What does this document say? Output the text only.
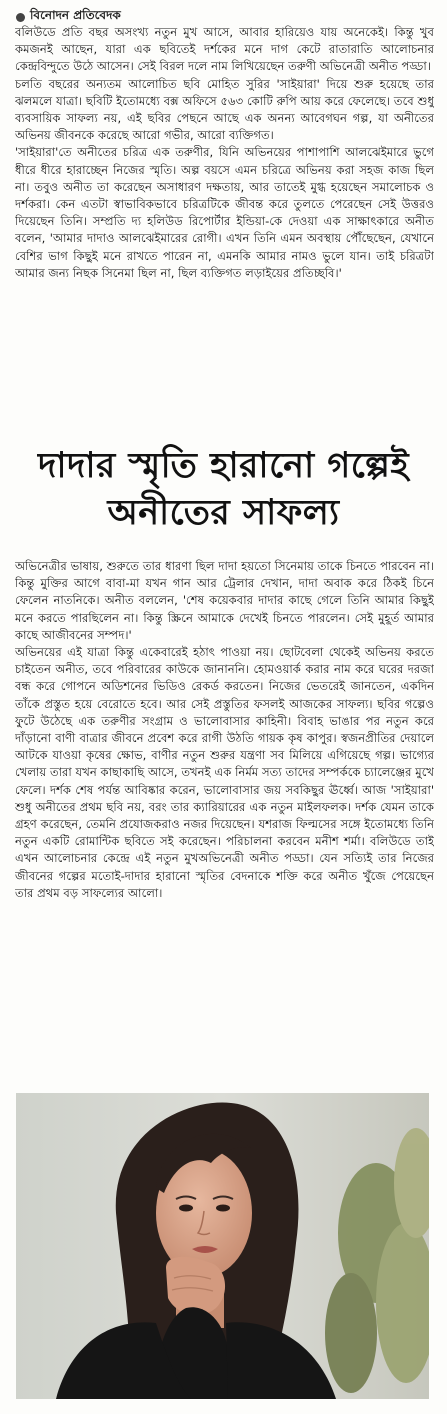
বিনোদন প্রতিবেদক

বলিউডে প্রতি বছর অসংখ্য নতুন মুখ আসে, আবার হারিয়েও যায় অনেকেই। কিন্তু খুব কমজনই আছেন, যারা এক ছবিতেই দর্শকের মনে দাগ কেটে রাতারাতি আলোচনার কেন্দ্রবিন্দুতে উঠে আসেন। সেই বিরল দলে নাম লিখিয়েছেন তরুণী অভিনেত্রী অনীত পড্ডা।

চলতি বছরের অন্যতম আলোচিত ছবি মোহিত সুরির 'সাইয়ারা' দিয়ে শুরু হয়েছে তার ঝলমলে যাত্রা। ছবিটি ইতোমধ্যে বক্স অফিসে ৫৬৩ কোটি রুপি আয় করে ফেলেছে। তবে শুধু ব্যবসায়িক সাফল্য নয়, এই ছবির পেছনে আছে এক অনন্য আবেগঘন গল্প, যা অনীতের অভিনয় জীবনকে করেছে আরো গভীর, আরো ব্যক্তিগত।

'সাইয়ারা'তে অনীতের চরিত্র এক তরুণীর, যিনি অভিনয়ের পাশাপাশি আলঝেইমারে ভুগে ধীরে ধীরে হারাচ্ছেন নিজের স্মৃতি। অল্প বয়সে এমন চরিত্রে অভিনয় করা সহজ কাজ ছিল না। তবুও অনীত তা করেছেন অসাধারণ দক্ষতায়, আর তাতেই মুগ্ধ হয়েছেন সমালোচক ও দর্শকরা। কেন এতটা স্বাভাবিকভাবে চরিত্রটিকে জীবন্ত করে তুলতে পেরেছেন সেই উত্তরও দিয়েছেন তিনি। সম্প্রতি দ্য হলিউড রিপোর্টার ইন্ডিয়া-কে দেওয়া এক সাক্ষাৎকারে অনীত বলেন, 'আমার দাদাও আলঝেইমারের রোগী। এখন তিনি এমন অবস্থায় পৌঁছেছেন, যেখানে বেশির ভাগ কিছুই মনে রাখতে পারেন না, এমনকি আমার নামও ভুলে যান। তাই চরিত্রটা আমার জন্য নিছক সিনেমা ছিল না, ছিল ব্যক্তিগত লড়াইয়ের প্রতিচ্ছবি।'

দাদার স্মৃতি হারানো গল্পেই
অনীতের সাফল্য

অভিনেত্রীর ভাষায়, শুরুতে তার ধারণা ছিল দাদা হয়তো সিনেমায় তাকে চিনতে পারবেন না। কিন্তু মুক্তির আগে বাবা-মা যখন গান আর ট্রেলার দেখান, দাদা অবাক করে ঠিকই চিনে ফেলেন নাতনিকে। অনীত বললেন, 'শেষ কয়েকবার দাদার কাছে গেলে তিনি আমার কিছুই মনে করতে পারছিলেন না। কিন্তু স্ক্রিনে আমাকে দেখেই চিনতে পারলেন। সেই মুহূর্ত আমার কাছে আজীবনের সম্পদ।'

অভিনয়ের এই যাত্রা কিন্তু একেবারেই হঠাৎ পাওয়া নয়। ছোটবেলা থেকেই অভিনয় করতে চাইতেন অনীত, তবে পরিবারের কাউকে জানাননি। হোমওয়ার্ক করার নাম করে ঘরের দরজা বন্ধ করে গোপনে অডিশনের ভিডিও রেকর্ড করতেন। নিজের ভেতরেই জানতেন, একদিন তাঁকে প্রস্তুত হয়ে বেরোতে হবে। আর সেই প্রস্তুতির ফসলই আজকের সাফল্য। ছবির গল্পেও ফুটে উঠেছে এক তরুণীর সংগ্রাম ও ভালোবাসার কাহিনী। বিবাহ ভাঙার পর নতুন করে দাঁড়ানো বাণী বাত্রার জীবনে প্রবেশ করে রাগী উঠতি গায়ক কৃষ কাপুর। স্বজনপ্রীতির দেয়ালে আটকে যাওয়া কৃষের ক্ষোভ, বাণীর নতুন শুরুর যন্ত্রণা সব মিলিয়ে এগিয়েছে গল্প। ভাগ্যের খেলায় তারা যখন কাছাকাছি আসে, তখনই এক নির্মম সত্য তাদের সম্পর্ককে চ্যালেঞ্জের মুখে ফেলে। দর্শক শেষ পর্যন্ত আবিষ্কার করেন, ভালোবাসার জয় সবকিছুর ঊর্ধ্বে। আজ 'সাইয়ারা' শুধু অনীতের প্রথম ছবি নয়, বরং তার ক্যারিয়ারের এক নতুন মাইলফলক। দর্শক যেমন তাকে গ্রহণ করেছেন, তেমনি প্রযোজকরাও নজর দিয়েছেন। যশরাজ ফিল্মসের সঙ্গে ইতোমধ্যে তিনি নতুন একটি রোমান্টিক ছবিতে সই করেছেন। পরিচালনা করবেন মনীশ শর্মা। বলিউডে তাই এখন আলোচনার কেন্দ্রে এই নতুন মুখঅভিনেত্রী অনীত পড্ডা। যেন সত্যিই তার নিজের জীবনের গল্পের মতোই-দাদার হারানো স্মৃতির বেদনাকে শক্তি করে অনীত খুঁজে পেয়েছেন তার প্রথম বড় সাফল্যের আলো।
